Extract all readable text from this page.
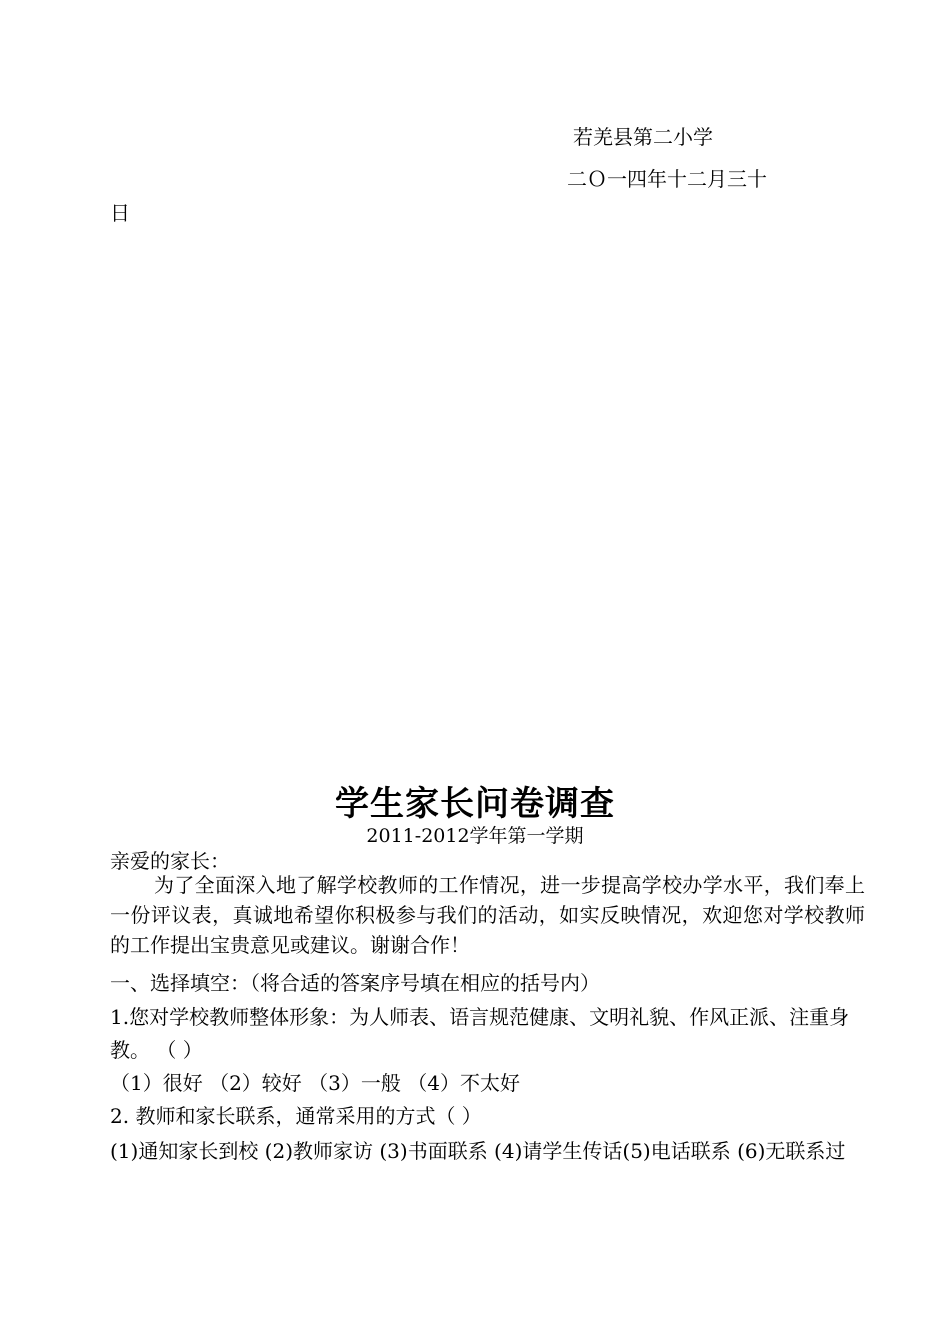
若羌县第二小学
二Ｏ一四年十二月三十
日
学生家长问卷调查
2011-2012学年第一学期
亲爱的家长：
为了全面深入地了解学校教师的工作情况，进一步提高学校办学水平，我们奉上一份评议表，真诚地希望你积极参与我们的活动，如实反映情况，欢迎您对学校教师的工作提出宝贵意见或建议。谢谢合作！
一、选择填空：（将合适的答案序号填在相应的括号内）
1.您对学校教师整体形象：为人师表、语言规范健康、文明礼貌、作风正派、注重身教。 （ ）
（1）很好 （2）较好 （3）一般 （4）不太好
2. 教师和家长联系，通常采用的方式（ ）
(1)通知家长到校 (2)教师家访 (3)书面联系 (4)请学生传话(5)电话联系 (6)无联系过
